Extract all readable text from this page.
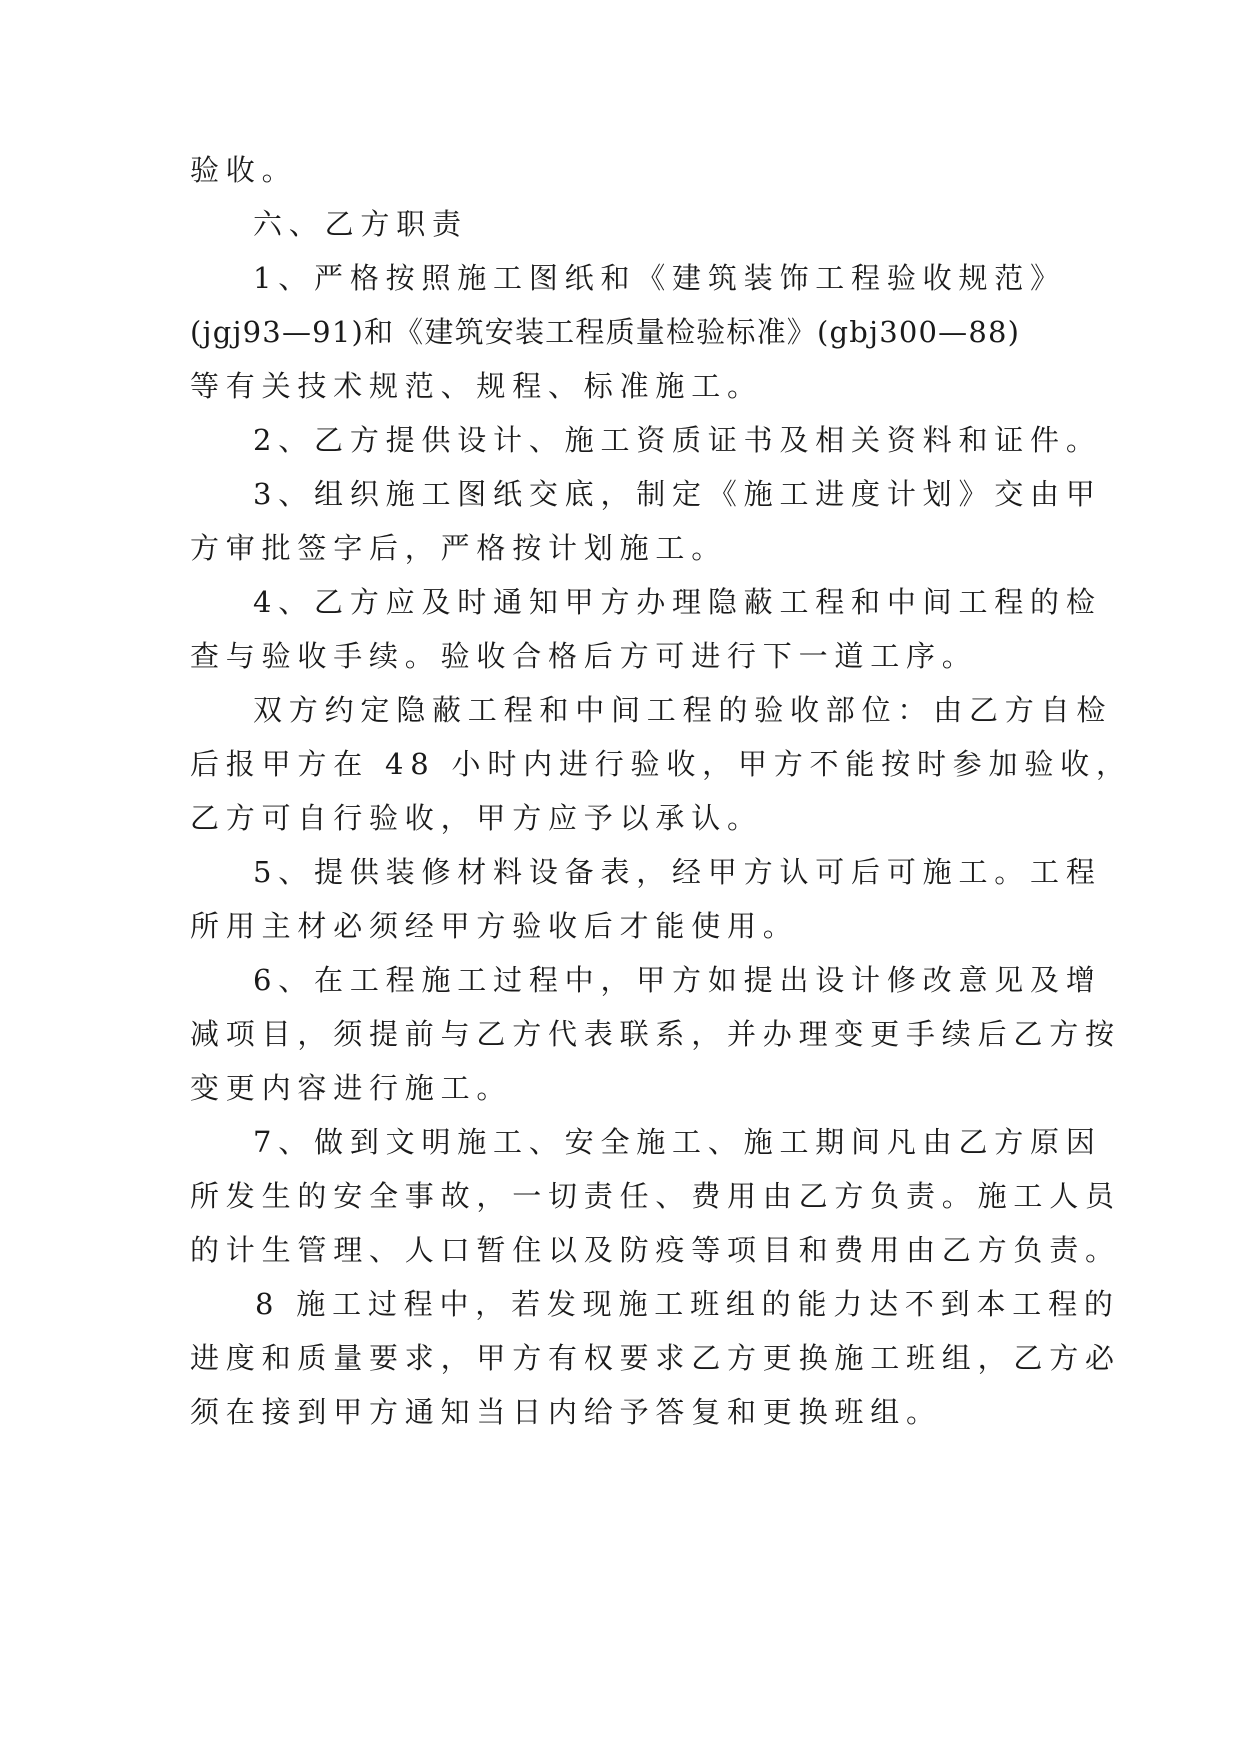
验收。
六、乙方职责
1、严格按照施工图纸和《建筑装饰工程验收规范》
(jgj93—91)和《建筑安装工程质量检验标准》(gbj300—88)
等有关技术规范、规程、标准施工。
2、乙方提供设计、施工资质证书及相关资料和证件。
3、组织施工图纸交底，制定《施工进度计划》交由甲
方审批签字后，严格按计划施工。
4、乙方应及时通知甲方办理隐蔽工程和中间工程的检
查与验收手续。验收合格后方可进行下一道工序。
双方约定隐蔽工程和中间工程的验收部位：由乙方自检
后报甲方在 48 小时内进行验收，甲方不能按时参加验收，
乙方可自行验收，甲方应予以承认。
5、提供装修材料设备表，经甲方认可后可施工。工程
所用主材必须经甲方验收后才能使用。
6、在工程施工过程中，甲方如提出设计修改意见及增
减项目，须提前与乙方代表联系，并办理变更手续后乙方按
变更内容进行施工。
7、做到文明施工、安全施工、施工期间凡由乙方原因
所发生的安全事故，一切责任、费用由乙方负责。施工人员
的计生管理、人口暂住以及防疫等项目和费用由乙方负责。
8 施工过程中，若发现施工班组的能力达不到本工程的
进度和质量要求，甲方有权要求乙方更换施工班组，乙方必
须在接到甲方通知当日内给予答复和更换班组。
